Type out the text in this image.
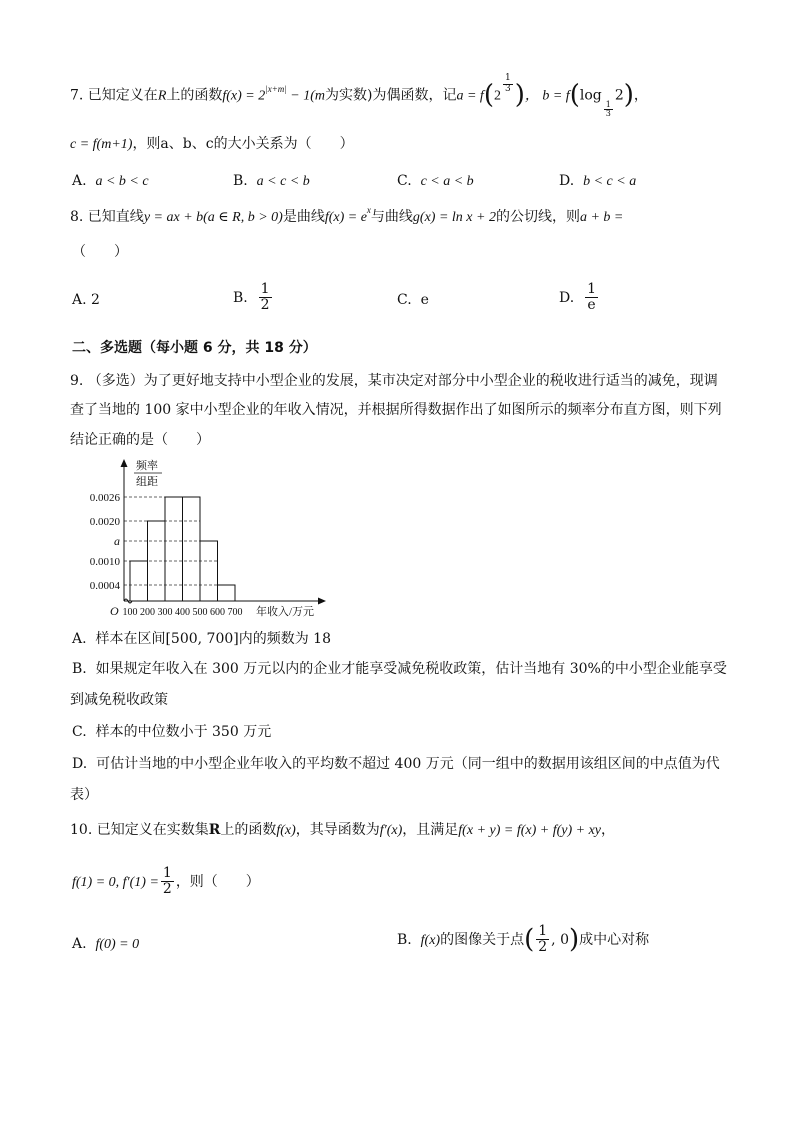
7. 已知定义在R上的函数$f(x) = 2^{|x+m|} - 1(m$为实数)为偶函数，记a = f(2
$\frac{1}{3}$ )， b = f(log
$\frac{1}{3}$
2)，
c = f(m+1)，则a、b、c的大小关系为（　　）
A. a < b < c	B. a < c < b	C. c < a < b	D. b < c < a
8. 已知直线y = ax + b(a ∈ R, b > 0)是曲线$f(x) = e^x$与曲线g(x) = ln x + 2的公切线，则a + b =
（　　）
A. 2	B. $\frac{1}{2}$	C. e	D. $\frac{1}{e}$
二、多选题（每小题 6 分，共 18 分）
9. （多选）为了更好地支持中小型企业的发展，某市决定对部分中小型企业的税收进行适当的减免，现调
查了当地的 100 家中小型企业的年收入情况，并根据所得数据作出了如图所示的频率分布直方图，则下列
结论正确的是（　　）
0.0004
0.0010
a
0.0020
0.0026
100 200 300 400 500 600 700
O	年收入/万元
频率
组距
A. 样本在区间[500, 700]内的频数为 18
B. 如果规定年收入在 300 万元以内的企业才能享受减免税收政策，估计当地有 30%的中小型企业能享受
到减免税收政策
C. 样本的中位数小于 350 万元
D. 可估计当地的中小型企业年收入的平均数不超过 400 万元（同一组中的数据用该组区间的中点值为代
表）
10. 已知定义在实数集R上的函数f(x)，其导函数为f′(x)，且满足f(x + y) = f(x) + f(y) + xy，
f(1) = 0, $f'(1) = \frac{1}{2}$ ，则（　　）
A. f(0) = 0	B. f(x)的图像关于点( $\frac{1}{2}$ , 0)成中心对称
